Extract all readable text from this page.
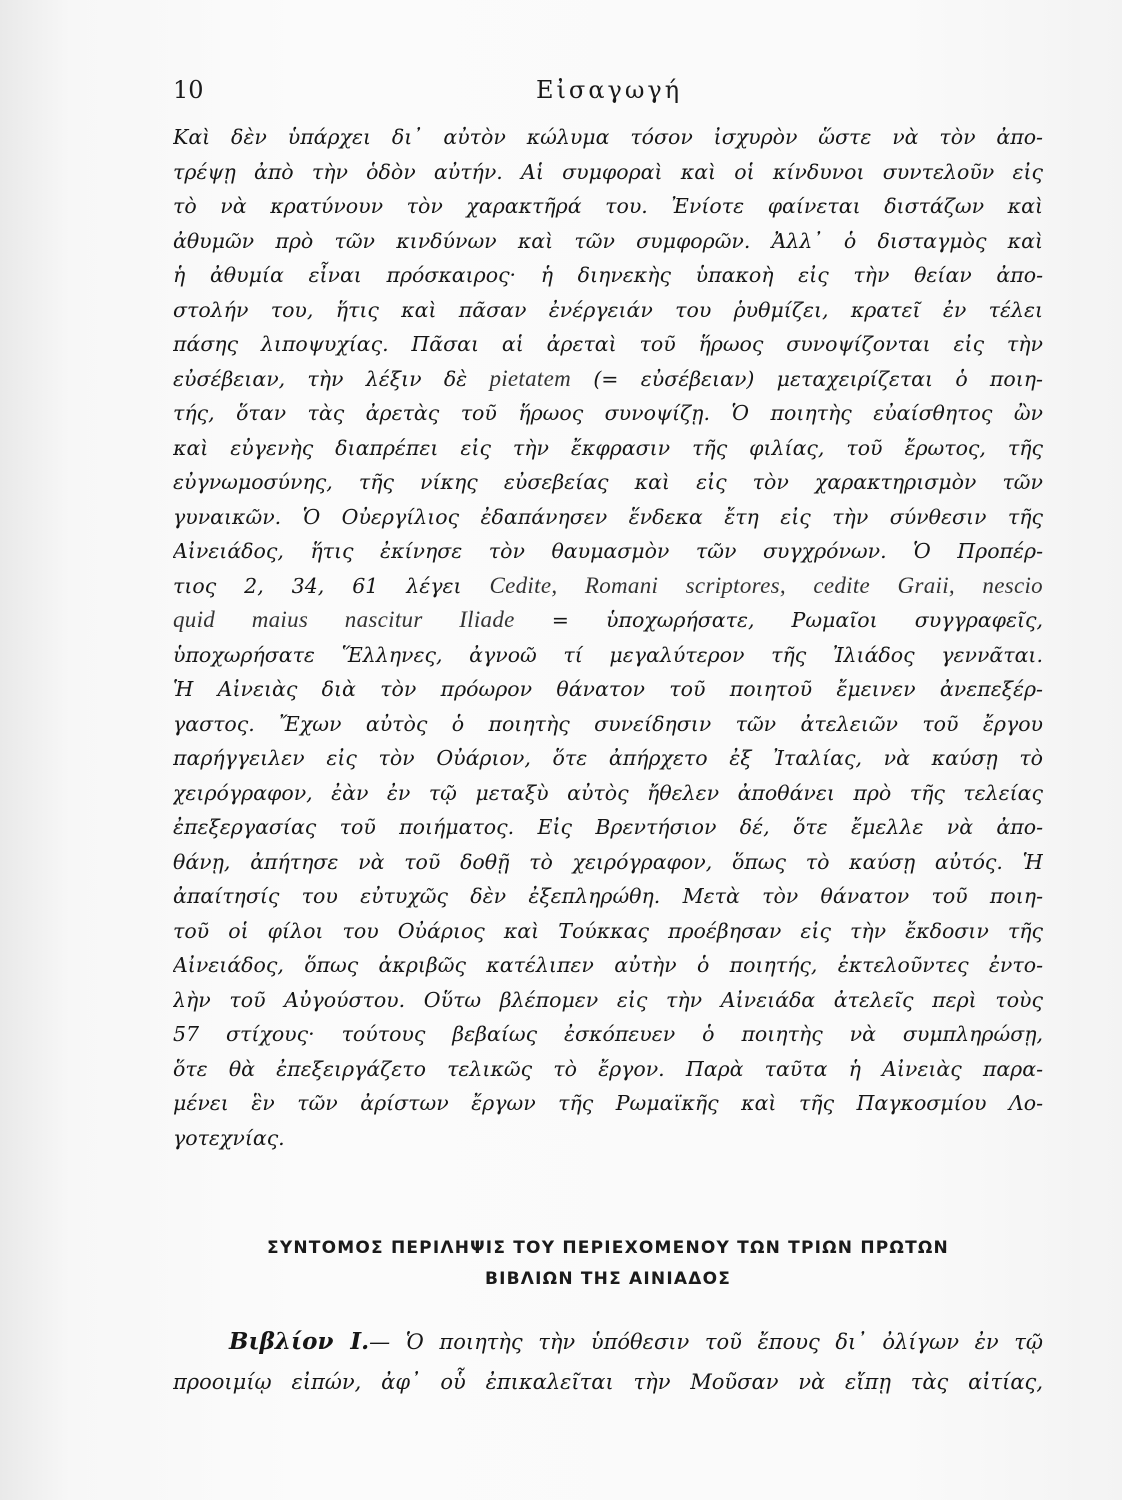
10	Εἰσαγωγή
Καὶ δὲν ὑπάρχει δι᾽ αὐτὸν κώλυμα τόσον ἰσχυρὸν ὥστε νὰ τὸν ἀπο-
τρέψῃ ἀπὸ τὴν ὁδὸν αὐτήν. Αἱ συμφοραὶ καὶ οἱ κίνδυνοι συντελοῦν εἰς
τὸ νὰ κρατύνουν τὸν χαρακτῆρά του. Ἐνίοτε φαίνεται διστάζων καὶ
ἀθυμῶν πρὸ τῶν κινδύνων καὶ τῶν συμφορῶν. Ἀλλ᾽ ὁ δισταγμὸς καὶ
ἡ ἀθυμία εἶναι πρόσκαιρος· ἡ διηνεκὴς ὑπακοὴ εἰς τὴν θείαν ἀπο-
στολήν του, ἥτις καὶ πᾶσαν ἐνέργειάν του ῥυθμίζει, κρατεῖ ἐν τέλει
πάσης λιποψυχίας. Πᾶσαι αἱ ἀρεταὶ τοῦ ἥρωος συνοψίζονται εἰς τὴν
εὐσέβειαν, τὴν λέξιν δὲ pietatem (= εὐσέβειαν) μεταχειρίζεται ὁ ποιη-
τής, ὅταν τὰς ἀρετὰς τοῦ ἥρωος συνοψίζῃ. Ὁ ποιητὴς εὐαίσθητος ὢν
καὶ εὐγενὴς διαπρέπει εἰς τὴν ἔκφρασιν τῆς φιλίας, τοῦ ἔρωτος, τῆς
εὐγνωμοσύνης, τῆς νίκης εὐσεβείας καὶ εἰς τὸν χαρακτηρισμὸν τῶν
γυναικῶν. Ὁ Οὐεργίλιος ἐδαπάνησεν ἕνδεκα ἔτη εἰς τὴν σύνθεσιν τῆς
Αἰνειάδος, ἥτις ἐκίνησε τὸν θαυμασμὸν τῶν συγχρόνων. Ὁ Προπέρ-
τιος 2, 34, 61 λέγει Cedite, Romani scriptores, cedite Graii, nescio
quid maius nascitur Iliade = ὑποχωρήσατε, Ρωμαῖοι συγγραφεῖς,
ὑποχωρήσατε Ἕλληνες, ἀγνοῶ τί μεγαλύτερον τῆς Ἰλιάδος γεννᾶται.
Ἡ Αἰνειὰς διὰ τὸν πρόωρον θάνατον τοῦ ποιητοῦ ἔμεινεν ἀνεπεξέρ-
γαστος. Ἔχων αὐτὸς ὁ ποιητὴς συνείδησιν τῶν ἀτελειῶν τοῦ ἔργου
παρήγγειλεν εἰς τὸν Οὐάριον, ὅτε ἀπήρχετο ἐξ Ἰταλίας, νὰ καύσῃ τὸ
χειρόγραφον, ἐὰν ἐν τῷ μεταξὺ αὐτὸς ἤθελεν ἀποθάνει πρὸ τῆς τελείας
ἐπεξεργασίας τοῦ ποιήματος. Εἰς Βρεντήσιον δέ, ὅτε ἔμελλε νὰ ἀπο-
θάνῃ, ἀπήτησε νὰ τοῦ δοθῇ τὸ χειρόγραφον, ὅπως τὸ καύσῃ αὐτός. Ἡ
ἀπαίτησίς του εὐτυχῶς δὲν ἐξεπληρώθη. Μετὰ τὸν θάνατον τοῦ ποιη-
τοῦ οἱ φίλοι του Οὐάριος καὶ Τούκκας προέβησαν εἰς τὴν ἔκδοσιν τῆς
Αἰνειάδος, ὅπως ἀκριβῶς κατέλιπεν αὐτὴν ὁ ποιητής, ἐκτελοῦντες ἐντο-
λὴν τοῦ Αὐγούστου. Οὕτω βλέπομεν εἰς τὴν Αἰνειάδα ἀτελεῖς περὶ τοὺς
57 στίχους· τούτους βεβαίως ἐσκόπευεν ὁ ποιητὴς νὰ συμπληρώσῃ,
ὅτε θὰ ἐπεξειργάζετο τελικῶς τὸ ἔργον. Παρὰ ταῦτα ἡ Αἰνειὰς παρα-
μένει ἓν τῶν ἀρίστων ἔργων τῆς Ρωμαϊκῆς καὶ τῆς Παγκοσμίου Λο-
γοτεχνίας.
ΣΥΝΤΟΜΟΣ ΠΕΡΙΛΗΨΙΣ ΤΟΥ ΠΕΡΙΕΧΟΜΕΝΟΥ ΤΩΝ ΤΡΙΩΝ ΠΡΩΤΩΝ
ΒΙΒΛΙΩΝ ΤΗΣ ΑΙΝΙΑΔΟΣ
Βιβλίον Ι.— Ὁ ποιητὴς τὴν ὑπόθεσιν τοῦ ἔπους δι᾽ ὀλίγων ἐν τῷ
προοιμίῳ εἰπών, ἀφ᾽ οὗ ἐπικαλεῖται τὴν Μοῦσαν νὰ εἴπῃ τὰς αἰτίας,
